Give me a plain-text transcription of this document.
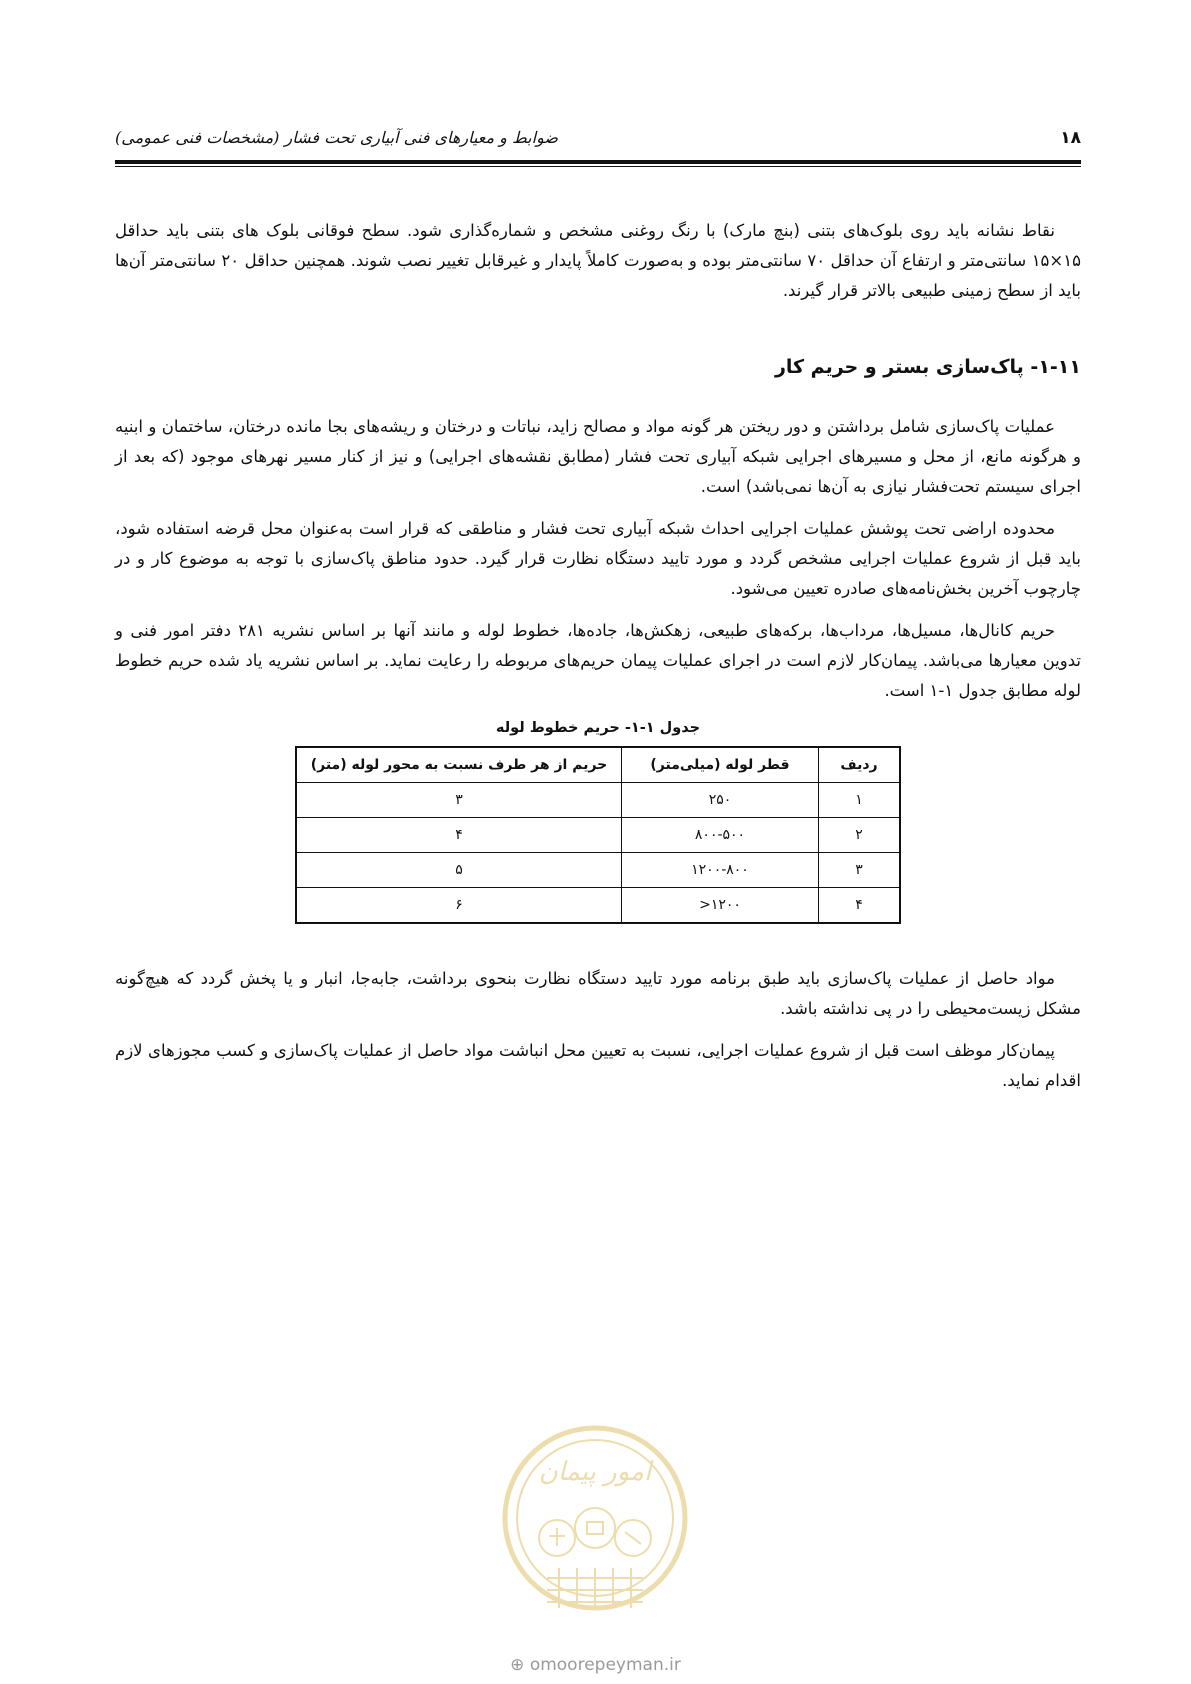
ضوابط و معیارهای فنی آبیاری تحت فشار (مشخصات فنی عمومی)	۱۸

نقاط نشانه باید روی بلوک‌های بتنی (بنچ مارک) با رنگ روغنی مشخص و شماره‌گذاری شود. سطح فوقانی بلوک های بتنی باید حداقل ۱۵×۱۵ سانتی‌متر و ارتفاع آن حداقل ۷۰ سانتی‌متر بوده و به‌صورت کاملاً پایدار و غیرقابل تغییر نصب شوند. همچنین حداقل ۲۰ سانتی‌متر آن‌ها باید از سطح زمینی طبیعی بالاتر قرار گیرند.

۱-۱۱- پاک‌سازی بستر و حریم کار

عملیات پاک‌سازی شامل برداشتن و دور ریختن هر گونه مواد و مصالح زاید، نباتات و درختان و ریشه‌های بجا مانده درختان، ساختمان و ابنیه و هرگونه مانع، از محل و مسیرهای اجرایی شبکه آبیاری تحت فشار (مطابق نقشه‌های اجرایی) و نیز از کنار مسیر نهرهای موجود (که بعد از اجرای سیستم تحت‌فشار نیازی به آن‌ها نمی‌باشد) است.

محدوده اراضی تحت پوشش عملیات اجرایی احداث شبکه آبیاری تحت فشار و مناطقی که قرار است به‌عنوان محل قرضه استفاده شود، باید قبل از شروع عملیات اجرایی مشخص گردد و مورد تایید دستگاه نظارت قرار گیرد. حدود مناطق پاک‌سازی با توجه به موضوع کار و در چارچوب آخرین بخش‌نامه‌های صادره تعیین می‌شود.

حریم کانال‌ها، مسیل‌ها، مرداب‌ها، برکه‌های طبیعی، زهکش‌ها، جاده‌ها، خطوط لوله و مانند آنها بر اساس نشریه ۲۸۱ دفتر امور فنی و تدوین معیارها می‌باشد. پیمان‌کار لازم است در اجرای عملیات پیمان حریم‌های مربوطه را رعایت نماید. بر اساس نشریه یاد شده حریم خطوط لوله مطابق جدول ۱-۱ است.

جدول ۱-۱- حریم خطوط لوله
ردیف	قطر لوله (میلی‌متر)	حریم از هر طرف نسبت به محور لوله (متر)
۱	۲۵۰	۳
۲	۸۰۰-۵۰۰	۴
۳	۱۲۰۰-۸۰۰	۵
۴	۱۲۰۰<	۶

مواد حاصل از عملیات پاک‌سازی باید طبق برنامه مورد تایید دستگاه نظارت بنحوی برداشت، جابه‌جا، انبار و یا پخش گردد که هیچ‌گونه مشکل زیست‌محیطی را در پی نداشته باشد.

پیمان‌کار موظف است قبل از شروع عملیات اجرایی، نسبت به تعیین محل انباشت مواد حاصل از عملیات پاک‌سازی و کسب مجوزهای لازم اقدام نماید.

امور پیمان
⊕ omoorepeyman.ir
